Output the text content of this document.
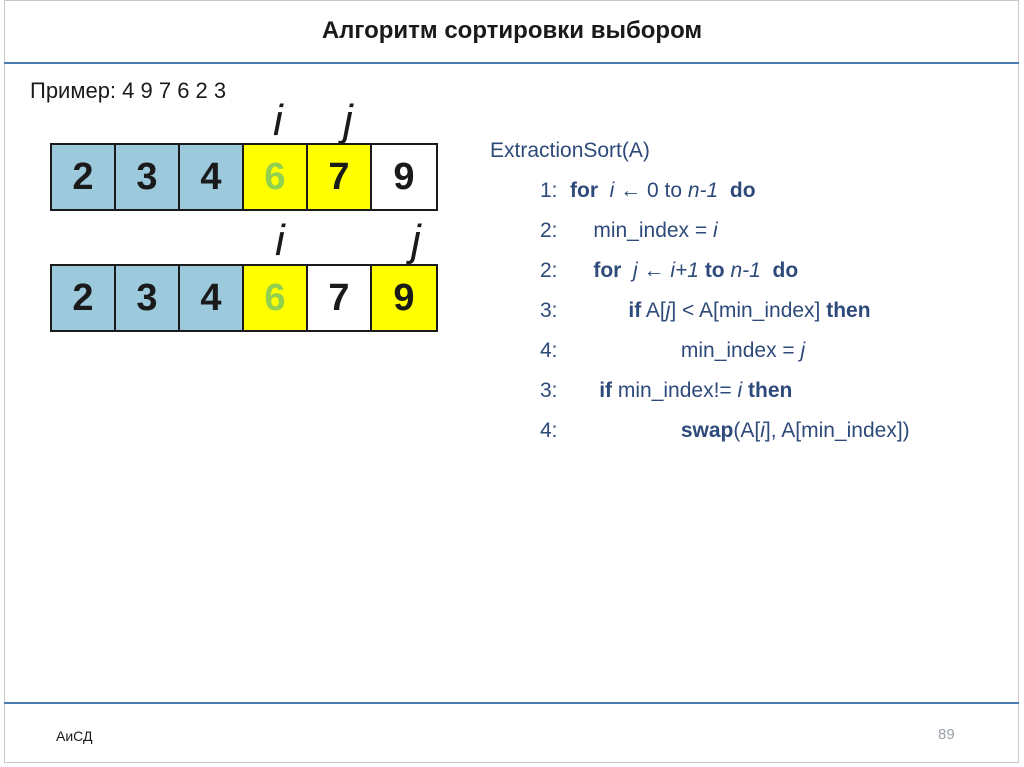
Алгоритм сортировки выбором
Пример: 4 9 7 6 2 3
i j
2	3	4	6	7	9
i	j
2	3	4	6	7	9
ExtractionSort(A)
1: for i ← 0 to n-1 do
2: min_index = i
2:	for j ← i+1 to n-1 do
3:	if A[j] < A[min_index] then
4: min_index = j
3:	if min_index!= i then
4:	swap(A[i], A[min_index])
АиСД	89
